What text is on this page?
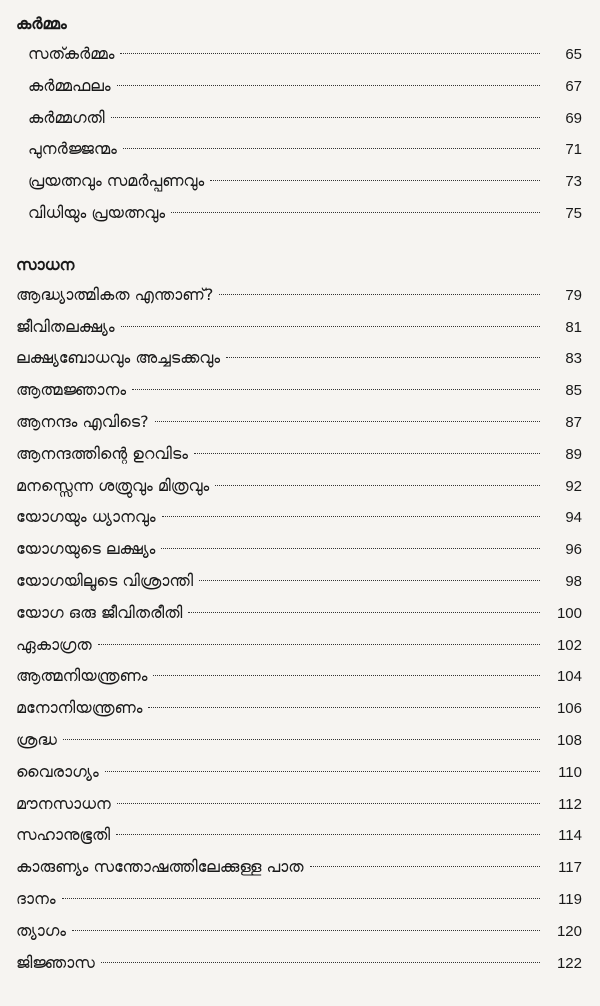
കർമ്മം
സത്കർമ്മം	65
കർമ്മഫലം	67
കർമ്മഗതി	69
പുനർജ്ജന്മം	71
പ്രയത്നവും സമർപ്പണവും	73
വിധിയും പ്രയത്നവും	75
സാധന
ആദ്ധ്യാത്മികത എന്താണ്?	79
ജീവിതലക്ഷ്യം	81
ലക്ഷ്യബോധവും അച്ചടക്കവും	83
ആത്മജ്ഞാനം	85
ആനന്ദം എവിടെ?	87
ആനന്ദത്തിന്റെ ഉറവിടം	89
മനസ്സെന്ന ശത്രുവും മിത്രവും	92
യോഗയും ധ്യാനവും	94
യോഗയുടെ ലക്ഷ്യം	96
യോഗയിലൂടെ വിശ്രാന്തി	98
യോഗ ഒരു ജീവിതരീതി	100
ഏകാഗ്രത	102
ആത്മനിയന്ത്രണം	104
മനോനിയന്ത്രണം	106
ശ്രദ്ധ	108
വൈരാഗ്യം	110
മൗനസാധന	112
സഹാനുഭൂതി	114
കാരുണ്യം സന്തോഷത്തിലേക്കുള്ള പാത	117
ദാനം	119
ത്യാഗം	120
ജിജ്ഞാസ	122
